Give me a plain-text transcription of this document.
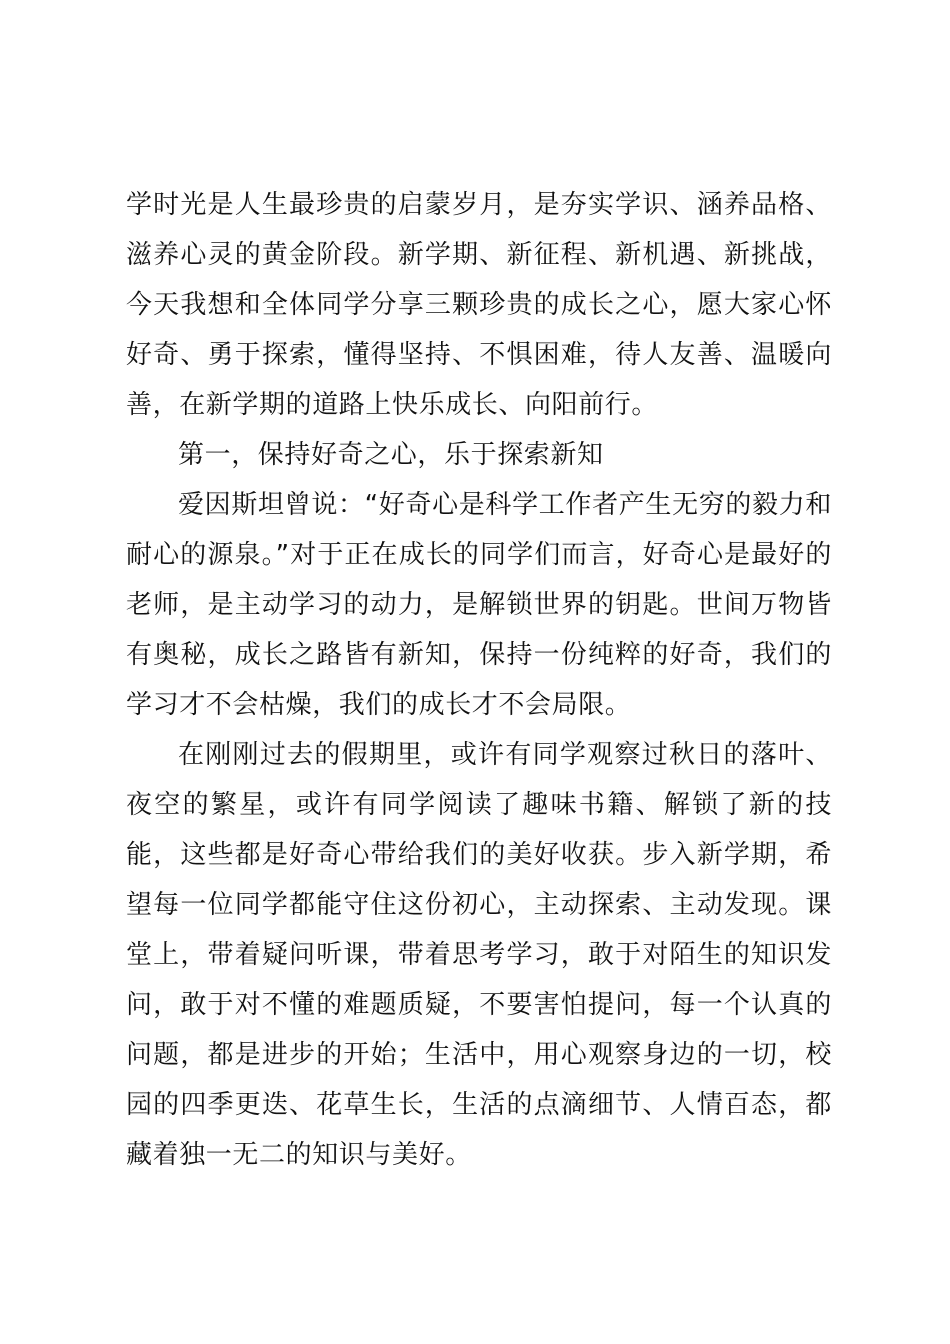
学时光是人生最珍贵的启蒙岁月，是夯实学识、涵养品格、滋养心灵的黄金阶段。新学期、新征程、新机遇、新挑战，今天我想和全体同学分享三颗珍贵的成长之心，愿大家心怀好奇、勇于探索，懂得坚持、不惧困难，待人友善、温暖向善，在新学期的道路上快乐成长、向阳前行。

第一，保持好奇之心，乐于探索新知

爱因斯坦曾说：“好奇心是科学工作者产生无穷的毅力和耐心的源泉。”对于正在成长的同学们而言，好奇心是最好的老师，是主动学习的动力，是解锁世界的钥匙。世间万物皆有奥秘，成长之路皆有新知，保持一份纯粹的好奇，我们的学习才不会枯燥，我们的成长才不会局限。

在刚刚过去的假期里，或许有同学观察过秋日的落叶、夜空的繁星，或许有同学阅读了趣味书籍、解锁了新的技能，这些都是好奇心带给我们的美好收获。步入新学期，希望每一位同学都能守住这份初心，主动探索、主动发现。课堂上，带着疑问听课，带着思考学习，敢于对陌生的知识发问，敢于对不懂的难题质疑，不要害怕提问，每一个认真的问题，都是进步的开始；生活中，用心观察身边的一切，校园的四季更迭、花草生长，生活的点滴细节、人情百态，都藏着独一无二的知识与美好。
